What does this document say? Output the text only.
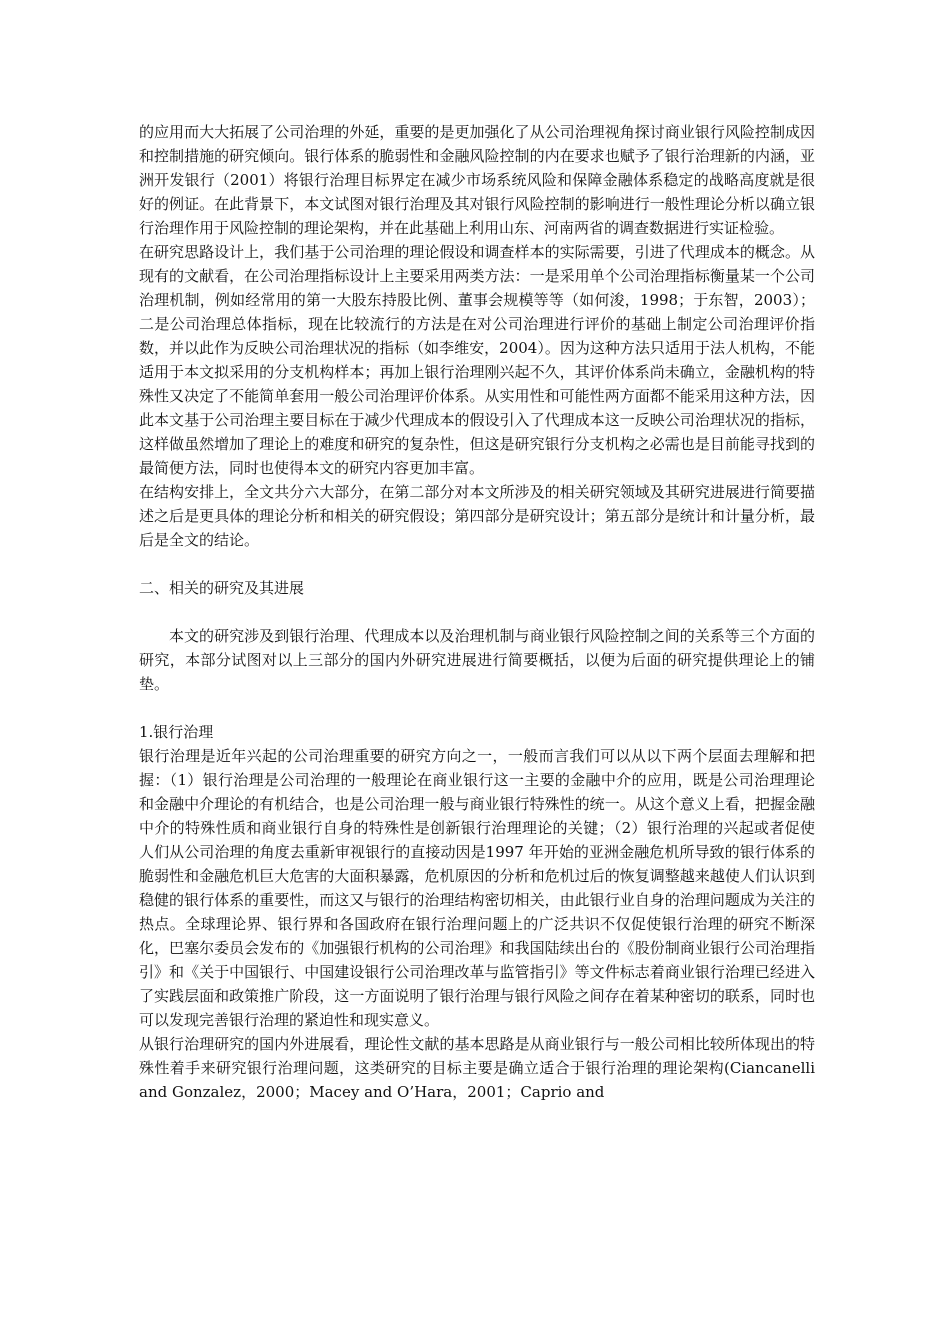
的应用而大大拓展了公司治理的外延，重要的是更加强化了从公司治理视角探讨商业银行风险控制成因和控制措施的研究倾向。银行体系的脆弱性和金融风险控制的内在要求也赋予了银行治理新的内涵，亚洲开发银行（2001）将银行治理目标界定在减少市场系统风险和保障金融体系稳定的战略高度就是很好的例证。在此背景下，本文试图对银行治理及其对银行风险控制的影响进行一般性理论分析以确立银行治理作用于风险控制的理论架构，并在此基础上利用山东、河南两省的调查数据进行实证检验。

在研究思路设计上，我们基于公司治理的理论假设和调查样本的实际需要，引进了代理成本的概念。从现有的文献看，在公司治理指标设计上主要采用两类方法：一是采用单个公司治理指标衡量某一个公司治理机制，例如经常用的第一大股东持股比例、董事会规模等等（如何浚，1998；于东智，2003）；二是公司治理总体指标，现在比较流行的方法是在对公司治理进行评价的基础上制定公司治理评价指数，并以此作为反映公司治理状况的指标（如李维安，2004）。因为这种方法只适用于法人机构，不能适用于本文拟采用的分支机构样本；再加上银行治理刚兴起不久，其评价体系尚未确立，金融机构的特殊性又决定了不能简单套用一般公司治理评价体系。从实用性和可能性两方面都不能采用这种方法，因此本文基于公司治理主要目标在于减少代理成本的假设引入了代理成本这一反映公司治理状况的指标，这样做虽然增加了理论上的难度和研究的复杂性，但这是研究银行分支机构之必需也是目前能寻找到的最简便方法，同时也使得本文的研究内容更加丰富。

在结构安排上，全文共分六大部分，在第二部分对本文所涉及的相关研究领域及其研究进展进行简要描述之后是更具体的理论分析和相关的研究假设；第四部分是研究设计；第五部分是统计和计量分析，最后是全文的结论。

二、相关的研究及其进展

本文的研究涉及到银行治理、代理成本以及治理机制与商业银行风险控制之间的关系等三个方面的研究，本部分试图对以上三部分的国内外研究进展进行简要概括，以便为后面的研究提供理论上的铺垫。

1.银行治理

银行治理是近年兴起的公司治理重要的研究方向之一，一般而言我们可以从以下两个层面去理解和把握：（1）银行治理是公司治理的一般理论在商业银行这一主要的金融中介的应用，既是公司治理理论和金融中介理论的有机结合，也是公司治理一般与商业银行特殊性的统一。从这个意义上看，把握金融中介的特殊性质和商业银行自身的特殊性是创新银行治理理论的关键；（2）银行治理的兴起或者促使人们从公司治理的角度去重新审视银行的直接动因是1997 年开始的亚洲金融危机所导致的银行体系的脆弱性和金融危机巨大危害的大面积暴露，危机原因的分析和危机过后的恢复调整越来越使人们认识到稳健的银行体系的重要性，而这又与银行的治理结构密切相关，由此银行业自身的治理问题成为关注的热点。全球理论界、银行界和各国政府在银行治理问题上的广泛共识不仅促使银行治理的研究不断深化，巴塞尔委员会发布的《加强银行机构的公司治理》和我国陆续出台的《股份制商业银行公司治理指引》和《关于中国银行、中国建设银行公司治理改革与监管指引》等文件标志着商业银行治理已经进入了实践层面和政策推广阶段，这一方面说明了银行治理与银行风险之间存在着某种密切的联系，同时也可以发现完善银行治理的紧迫性和现实意义。

从银行治理研究的国内外进展看，理论性文献的基本思路是从商业银行与一般公司相比较所体现出的特殊性着手来研究银行治理问题，这类研究的目标主要是确立适合于银行治理的理论架构(Ciancanelli and Gonzalez，2000；Macey and O’Hara，2001；Caprio and
